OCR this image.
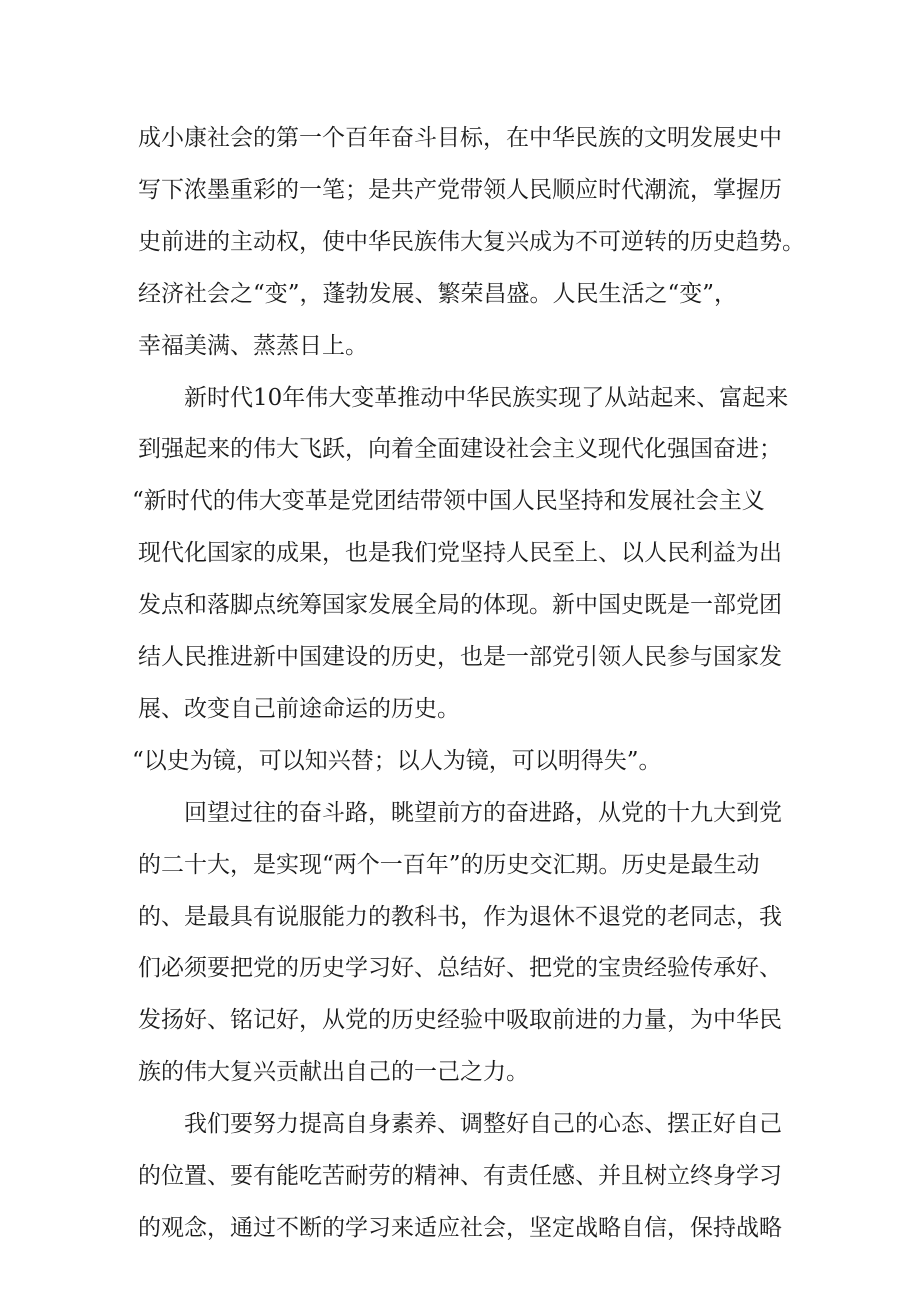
成小康社会的第一个百年奋斗目标，在中华民族的文明发展史中
写下浓墨重彩的一笔；是共产党带领人民顺应时代潮流，掌握历
史前进的主动权，使中华民族伟大复兴成为不可逆转的历史趋势。
经济社会之“变”，蓬勃发展、繁荣昌盛。人民生活之“变”，
幸福美满、蒸蒸日上。
新时代10年伟大变革推动中华民族实现了从站起来、富起来
到强起来的伟大飞跃，向着全面建设社会主义现代化强国奋进；
“新时代的伟大变革是党团结带领中国人民坚持和发展社会主义
现代化国家的成果，也是我们党坚持人民至上、以人民利益为出
发点和落脚点统筹国家发展全局的体现。新中国史既是一部党团
结人民推进新中国建设的历史，也是一部党引领人民参与国家发
展、改变自己前途命运的历史。
“以史为镜，可以知兴替；以人为镜，可以明得失”。
回望过往的奋斗路，眺望前方的奋进路，从党的十九大到党
的二十大，是实现“两个一百年”的历史交汇期。历史是最生动
的、是最具有说服能力的教科书，作为退休不退党的老同志，我
们必须要把党的历史学习好、总结好、把党的宝贵经验传承好、
发扬好、铭记好，从党的历史经验中吸取前进的力量，为中华民
族的伟大复兴贡献出自己的一己之力。
我们要努力提高自身素养、调整好自己的心态、摆正好自己
的位置、要有能吃苦耐劳的精神、有责任感、并且树立终身学习
的观念，通过不断的学习来适应社会，坚定战略自信，保持战略
